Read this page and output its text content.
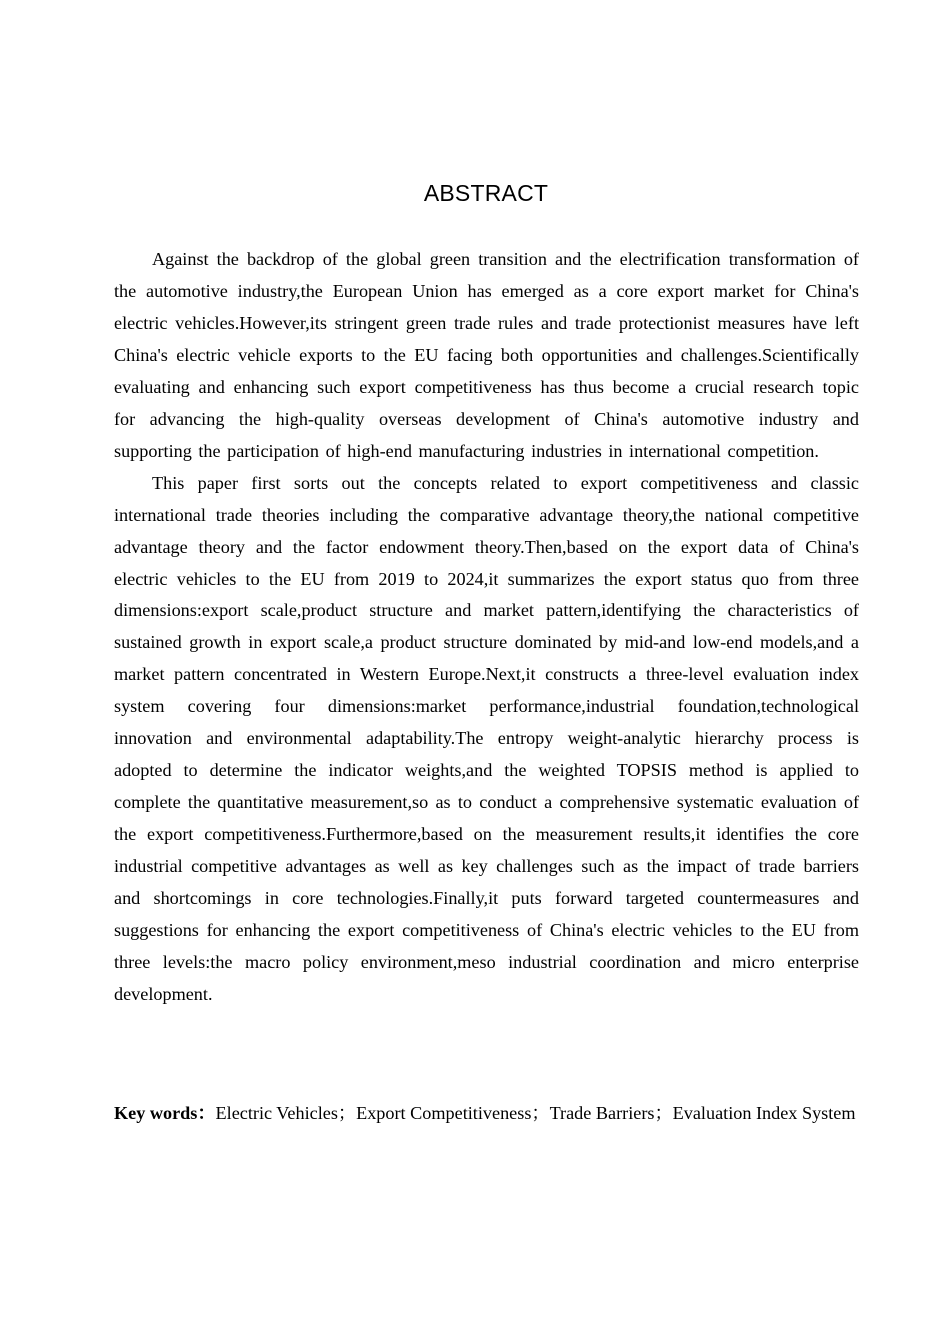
ABSTRACT

Against the backdrop of the global green transition and the electrification transformation of the automotive industry,the European Union has emerged as a core export market for China's electric vehicles.However,its stringent green trade rules and trade protectionist measures have left China's electric vehicle exports to the EU facing both opportunities and challenges.Scientifically evaluating and enhancing such export competitiveness has thus become a crucial research topic for advancing the high-quality overseas development of China's automotive industry and supporting the participation of high-end manufacturing industries in international competition.

This paper first sorts out the concepts related to export competitiveness and classic international trade theories including the comparative advantage theory,the national competitive advantage theory and the factor endowment theory.Then,based on the export data of China's electric vehicles to the EU from 2019 to 2024,it summarizes the export status quo from three dimensions:export scale,product structure and market pattern,identifying the characteristics of sustained growth in export scale,a product structure dominated by mid-and low-end models,and a market pattern concentrated in Western Europe.Next,it constructs a three-level evaluation index system covering four dimensions:market performance,industrial foundation,technological innovation and environmental adaptability.The entropy weight-analytic hierarchy process is adopted to determine the indicator weights,and the weighted TOPSIS method is applied to complete the quantitative measurement,so as to conduct a comprehensive systematic evaluation of the export competitiveness.Furthermore,based on the measurement results,it identifies the core industrial competitive advantages as well as key challenges such as the impact of trade barriers and shortcomings in core technologies.Finally,it puts forward targeted countermeasures and suggestions for enhancing the export competitiveness of China's electric vehicles to the EU from three levels:the macro policy environment,meso industrial coordination and micro enterprise development.

Key words：Electric Vehicles；Export Competitiveness；Trade Barriers；Evaluation Index System
